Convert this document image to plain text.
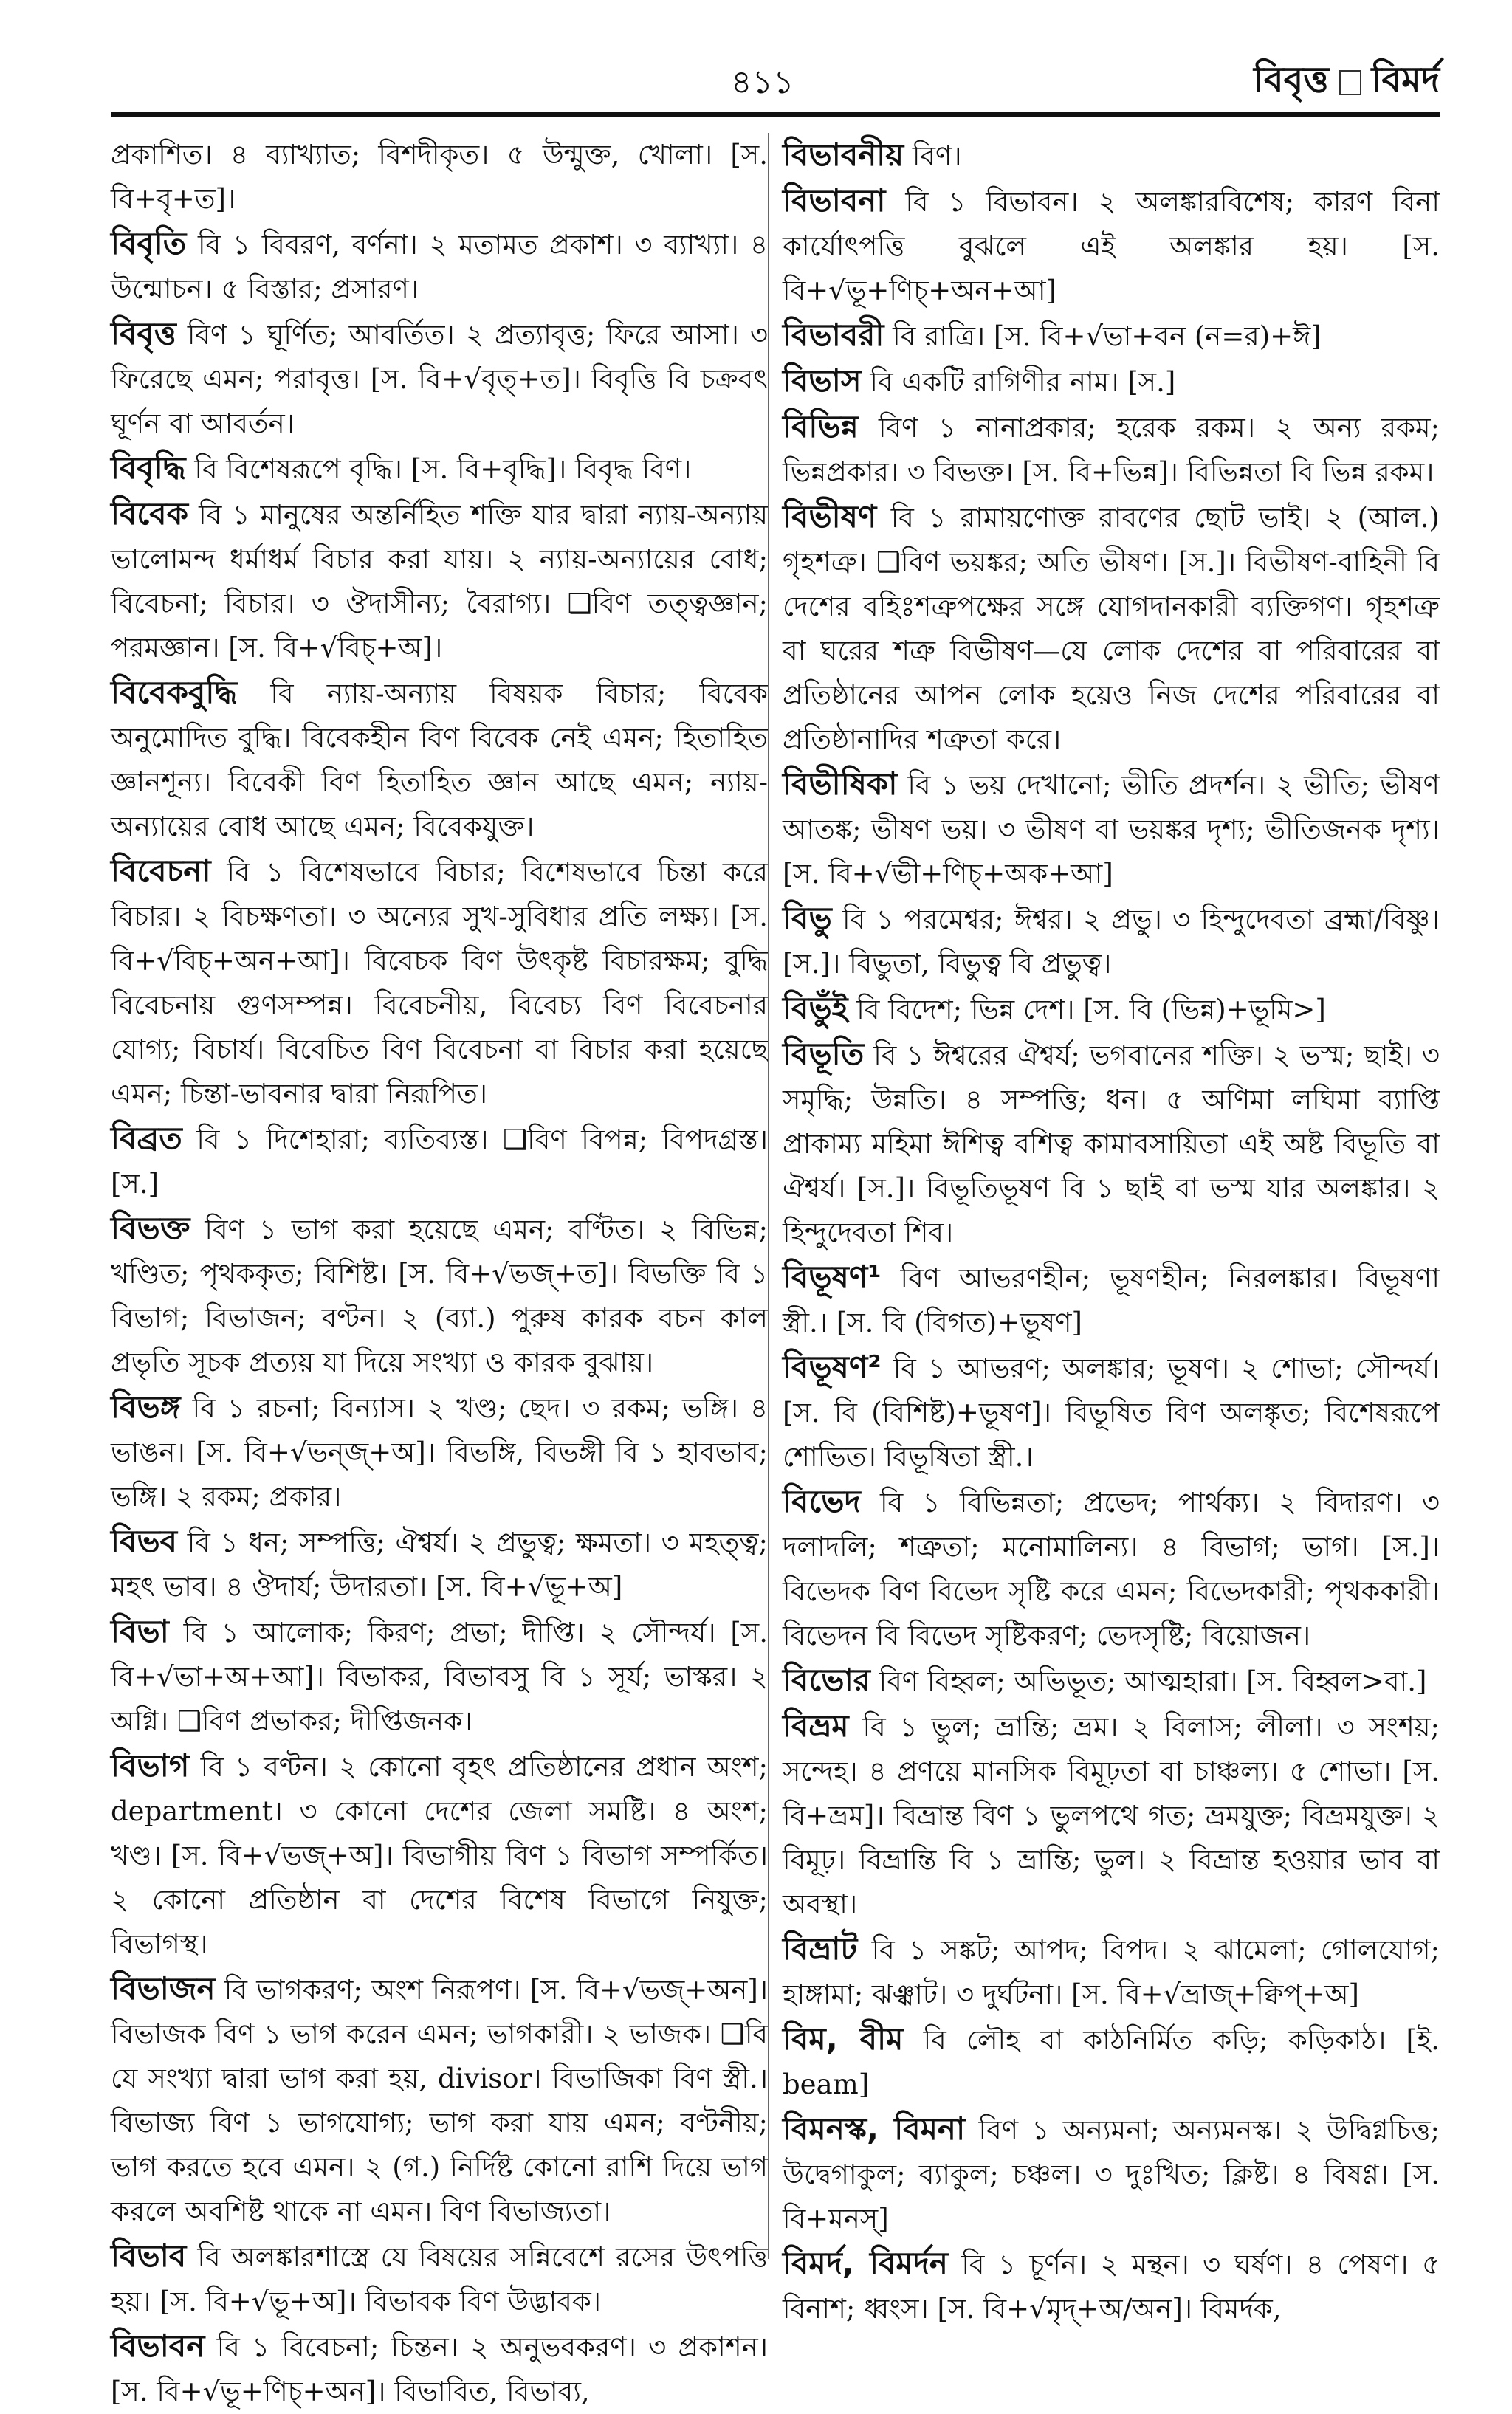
৪১১	বিবৃত্ত বিমর্দ

প্রকাশিত। ৪ ব্যাখ্যাত; বিশদীকৃত। ৫ উন্মুক্ত, খোলা। [স. বি+বৃ+ত]।

বিবৃতি বি ১ বিবরণ, বর্ণনা। ২ মতামত প্রকাশ। ৩ ব্যাখ্যা। ৪ উন্মোচন। ৫ বিস্তার; প্রসারণ।

বিবৃত্ত বিণ ১ ঘূর্ণিত; আবর্তিত। ২ প্রত্যাবৃত্ত; ফিরে আসা। ৩ ফিরেছে এমন; পরাবৃত্ত। [স. বি+√বৃত্‌+ত]। বিবৃত্তি বি চক্রবৎ ঘূর্ণন বা আবর্তন।

বিবৃদ্ধি বি বিশেষরূপে বৃদ্ধি। [স. বি+বৃদ্ধি]। বিবৃদ্ধ বিণ।

বিবেক বি ১ মানুষের অন্তর্নিহিত শক্তি যার দ্বারা ন্যায়-অন্যায় ভালোমন্দ ধর্মাধর্ম বিচার করা যায়। ২ ন্যায়-অন্যায়ের বোধ; বিবেচনা; বিচার। ৩ ঔদাসীন্য; বৈরাগ্য। ❑বিণ তত্ত্বজ্ঞান; পরমজ্ঞান। [স. বি+√বিচ্‌+অ]।

বিবেকবুদ্ধি বি ন্যায়-অন্যায় বিষয়ক বিচার; বিবেক অনুমোদিত বুদ্ধি। বিবেকহীন বিণ বিবেক নেই এমন; হিতাহিত জ্ঞানশূন্য। বিবেকী বিণ হিতাহিত জ্ঞান আছে এমন; ন্যায়-অন্যায়ের বোধ আছে এমন; বিবেকযুক্ত।

বিবেচনা বি ১ বিশেষভাবে বিচার; বিশেষভাবে চিন্তা করে বিচার। ২ বিচক্ষণতা। ৩ অন্যের সুখ-সুবিধার প্রতি লক্ষ্য। [স. বি+√বিচ্‌+অন+আ]। বিবেচক বিণ উৎকৃষ্ট বিচারক্ষম; বুদ্ধি বিবেচনায় গুণসম্পন্ন। বিবেচনীয়, বিবেচ্য বিণ বিবেচনার যোগ্য; বিচার্য। বিবেচিত বিণ বিবেচনা বা বিচার করা হয়েছে এমন; চিন্তা-ভাবনার দ্বারা নিরূপিত।

বিব্রত বি ১ দিশেহারা; ব্যতিব্যস্ত। ❑বিণ বিপন্ন; বিপদগ্রস্ত। [স.]

বিভক্ত বিণ ১ ভাগ করা হয়েছে এমন; বণ্টিত। ২ বিভিন্ন; খণ্ডিত; পৃথককৃত; বিশিষ্ট। [স. বি+√ভজ্‌+ত]। বিভক্তি বি ১ বিভাগ; বিভাজন; বণ্টন। ২ (ব্যা.) পুরুষ কারক বচন কাল প্রভৃতি সূচক প্রত্যয় যা দিয়ে সংখ্যা ও কারক বুঝায়।

বিভঙ্গ বি ১ রচনা; বিন্যাস। ২ খণ্ড; ছেদ। ৩ রকম; ভঙ্গি। ৪ ভাঙন। [স. বি+√ভন্‌জ্‌+অ]। বিভঙ্গি, বিভঙ্গী বি ১ হাবভাব; ভঙ্গি। ২ রকম; প্রকার।

বিভব বি ১ ধন; সম্পত্তি; ঐশ্বর্য। ২ প্রভুত্ব; ক্ষমতা। ৩ মহত্ত্ব; মহৎ ভাব। ৪ ঔদার্য; উদারতা। [স. বি+√ভূ+অ]

বিভা বি ১ আলোক; কিরণ; প্রভা; দীপ্তি। ২ সৌন্দর্য। [স. বি+√ভা+অ+আ]। বিভাকর, বিভাবসু বি ১ সূর্য; ভাস্কর। ২ অগ্নি। ❑বিণ প্রভাকর; দীপ্তিজনক।

বিভাগ বি ১ বণ্টন। ২ কোনো বৃহৎ প্রতিষ্ঠানের প্রধান অংশ; department। ৩ কোনো দেশের জেলা সমষ্টি। ৪ অংশ; খণ্ড। [স. বি+√ভজ্‌+অ]। বিভাগীয় বিণ ১ বিভাগ সম্পর্কিত। ২ কোনো প্রতিষ্ঠান বা দেশের বিশেষ বিভাগে নিযুক্ত; বিভাগস্থ।

বিভাজন বি ভাগকরণ; অংশ নিরূপণ। [স. বি+√ভজ্‌+অন]। বিভাজক বিণ ১ ভাগ করেন এমন; ভাগকারী। ২ ভাজক। ❑বি যে সংখ্যা দ্বারা ভাগ করা হয়, divisor। বিভাজিকা বিণ স্ত্রী.। বিভাজ্য বিণ ১ ভাগযোগ্য; ভাগ করা যায় এমন; বণ্টনীয়; ভাগ করতে হবে এমন। ২ (গ.) নির্দিষ্ট কোনো রাশি দিয়ে ভাগ করলে অবশিষ্ট থাকে না এমন। বিণ বিভাজ্যতা।

বিভাব বি অলঙ্কারশাস্ত্রে যে বিষয়ের সন্নিবেশে রসের উৎপত্তি হয়। [স. বি+√ভূ+অ]। বিভাবক বিণ উদ্ভাবক।

বিভাবন বি ১ বিবেচনা; চিন্তন। ২ অনুভবকরণ। ৩ প্রকাশন। [স. বি+√ভূ+ণিচ্‌+অন]। বিভাবিত, বিভাব্য,

বিভাবনীয় বিণ।

বিভাবনা বি ১ বিভাবন। ২ অলঙ্কারবিশেষ; কারণ বিনা কার্যোৎপত্তি বুঝলে এই অলঙ্কার হয়। [স. বি+√ভূ+ণিচ্‌+অন+আ]

বিভাবরী বি রাত্রি। [স. বি+√ভা+বন (ন=র)+ঈ]

বিভাস বি একটি রাগিণীর নাম। [স.]

বিভিন্ন বিণ ১ নানাপ্রকার; হরেক রকম। ২ অন্য রকম; ভিন্নপ্রকার। ৩ বিভক্ত। [স. বি+ভিন্ন]। বিভিন্নতা বি ভিন্ন রকম।

বিভীষণ বি ১ রামায়ণোক্ত রাবণের ছোট ভাই। ২ (আল.) গৃহশত্রু। ❑বিণ ভয়ঙ্কর; অতি ভীষণ। [স.]। বিভীষণ-বাহিনী বি দেশের বহিঃশত্রুপক্ষের সঙ্গে যোগদানকারী ব্যক্তিগণ। গৃহশত্রু বা ঘরের শত্রু বিভীষণ—যে লোক দেশের বা পরিবারের বা প্রতিষ্ঠানের আপন লোক হয়েও নিজ দেশের পরিবারের বা প্রতিষ্ঠানাদির শত্রুতা করে।

বিভীষিকা বি ১ ভয় দেখানো; ভীতি প্রদর্শন। ২ ভীতি; ভীষণ আতঙ্ক; ভীষণ ভয়। ৩ ভীষণ বা ভয়ঙ্কর দৃশ্য; ভীতিজনক দৃশ্য। [স. বি+√ভী+ণিচ্‌+অক+আ]

বিভু বি ১ পরমেশ্বর; ঈশ্বর। ২ প্রভু। ৩ হিন্দুদেবতা ব্রহ্মা/বিষ্ণু। [স.]। বিভুতা, বিভুত্ব বি প্রভুত্ব।

বিভুঁই বি বিদেশ; ভিন্ন দেশ। [স. বি (ভিন্ন)+ভূমি>]

বিভূতি বি ১ ঈশ্বরের ঐশ্বর্য; ভগবানের শক্তি। ২ ভস্ম; ছাই। ৩ সমৃদ্ধি; উন্নতি। ৪ সম্পত্তি; ধন। ৫ অণিমা লঘিমা ব্যাপ্তি প্রাকাম্য মহিমা ঈশিত্ব বশিত্ব কামাবসায়িতা এই অষ্ট বিভূতি বা ঐশ্বর্য। [স.]। বিভূতিভূষণ বি ১ ছাই বা ভস্ম যার অলঙ্কার। ২ হিন্দুদেবতা শিব।

বিভূষণ¹ বিণ আভরণহীন; ভূষণহীন; নিরলঙ্কার। বিভূষণা স্ত্রী.। [স. বি (বিগত)+ভূষণ]

বিভূষণ² বি ১ আভরণ; অলঙ্কার; ভূষণ। ২ শোভা; সৌন্দর্য। [স. বি (বিশিষ্ট)+ভূষণ]। বিভূষিত বিণ অলঙ্কৃত; বিশেষরূপে শোভিত। বিভূষিতা স্ত্রী.।

বিভেদ বি ১ বিভিন্নতা; প্রভেদ; পার্থক্য। ২ বিদারণ। ৩ দলাদলি; শত্রুতা; মনোমালিন্য। ৪ বিভাগ; ভাগ। [স.]। বিভেদক বিণ বিভেদ সৃষ্টি করে এমন; বিভেদকারী; পৃথককারী। বিভেদন বি বিভেদ সৃষ্টিকরণ; ভেদসৃষ্টি; বিয়োজন।

বিভোর বিণ বিহ্বল; অভিভূত; আত্মহারা। [স. বিহ্বল>বা.]

বিভ্রম বি ১ ভুল; ভ্রান্তি; ভ্রম। ২ বিলাস; লীলা। ৩ সংশয়; সন্দেহ। ৪ প্রণয়ে মানসিক বিমূঢ়তা বা চাঞ্চল্য। ৫ শোভা। [স. বি+ভ্রম]। বিভ্রান্ত বিণ ১ ভুলপথে গত; ভ্রমযুক্ত; বিভ্রমযুক্ত। ২ বিমূঢ়। বিভ্রান্তি বি ১ ভ্রান্তি; ভুল। ২ বিভ্রান্ত হওয়ার ভাব বা অবস্থা।

বিভ্রাট বি ১ সঙ্কট; আপদ; বিপদ। ২ ঝামেলা; গোলযোগ; হাঙ্গামা; ঝঞ্ঝাট। ৩ দুর্ঘটনা। [স. বি+√ভ্রাজ্‌+ক্বিপ্‌+অ]

বিম, বীম বি লৌহ বা কাঠনির্মিত কড়ি; কড়িকাঠ। [ই. beam]

বিমনস্ক, বিমনা বিণ ১ অন্যমনা; অন্যমনস্ক। ২ উদ্বিগ্নচিত্ত; উদ্বেগাকুল; ব্যাকুল; চঞ্চল। ৩ দুঃখিত; ক্লিষ্ট। ৪ বিষণ্ণ। [স. বি+মনস্‌]

বিমর্দ, বিমর্দন বি ১ চূর্ণন। ২ মন্থন। ৩ ঘর্ষণ। ৪ পেষণ। ৫ বিনাশ; ধ্বংস। [স. বি+√মৃদ্‌+অ/অন]। বিমর্দক,
